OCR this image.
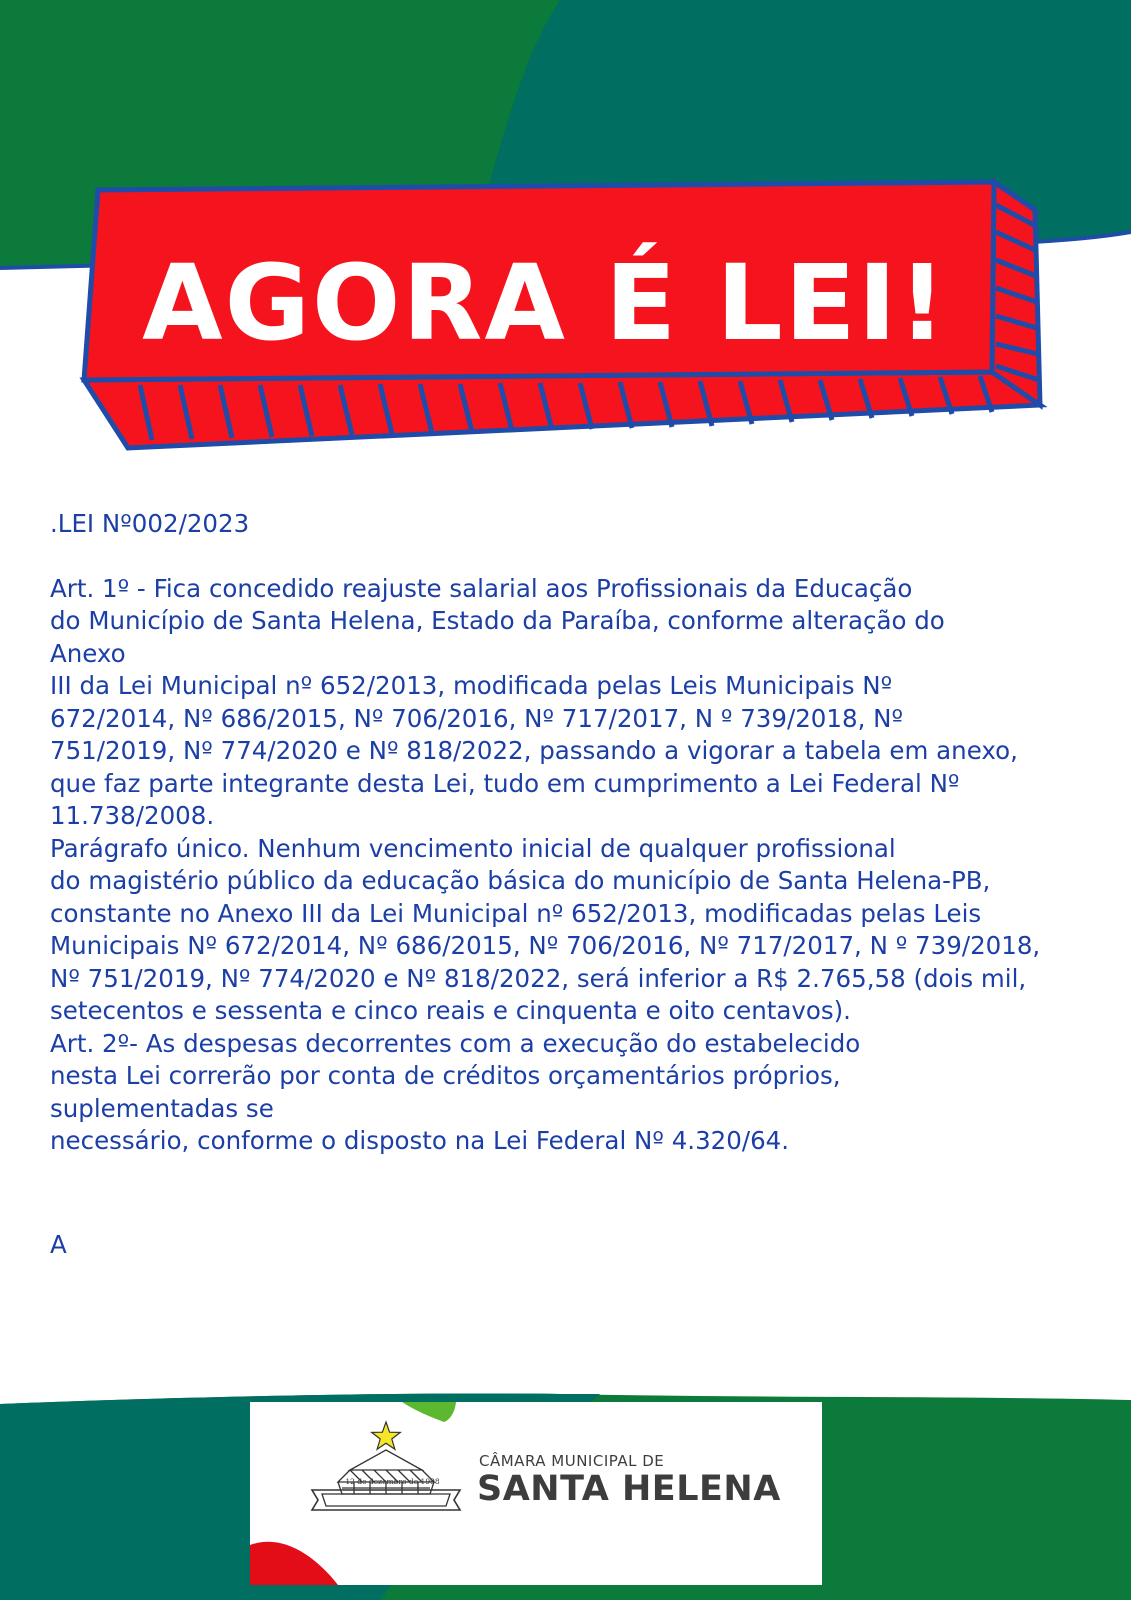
AGORA É LEI!

.LEI Nº002/2023

Art. 1º - Fica concedido reajuste salarial aos Profissionais da Educação
do Município de Santa Helena, Estado da Paraíba, conforme alteração do
Anexo
III da Lei Municipal nº 652/2013, modificada pelas Leis Municipais Nº
672/2014, Nº 686/2015, Nº 706/2016, Nº 717/2017, N º 739/2018, Nº
751/2019, Nº 774/2020 e Nº 818/2022, passando a vigorar a tabela em anexo,
que faz parte integrante desta Lei, tudo em cumprimento a Lei Federal Nº
11.738/2008.
Parágrafo único. Nenhum vencimento inicial de qualquer profissional
do magistério público da educação básica do município de Santa Helena-PB,
constante no Anexo III da Lei Municipal nº 652/2013, modificadas pelas Leis
Municipais Nº 672/2014, Nº 686/2015, Nº 706/2016, Nº 717/2017, N º 739/2018,
Nº 751/2019, Nº 774/2020 e Nº 818/2022, será inferior a R$ 2.765,58 (dois mil,
setecentos e sessenta e cinco reais e cinquenta e oito centavos).
Art. 2º- As despesas decorrentes com a execução do estabelecido
nesta Lei correrão por conta de créditos orçamentários próprios,
suplementadas se
necessário, conforme o disposto na Lei Federal Nº 4.320/64.

A
12 de dezembro de 1998
CÂMARA MUNICIPAL DE
SANTA HELENA
